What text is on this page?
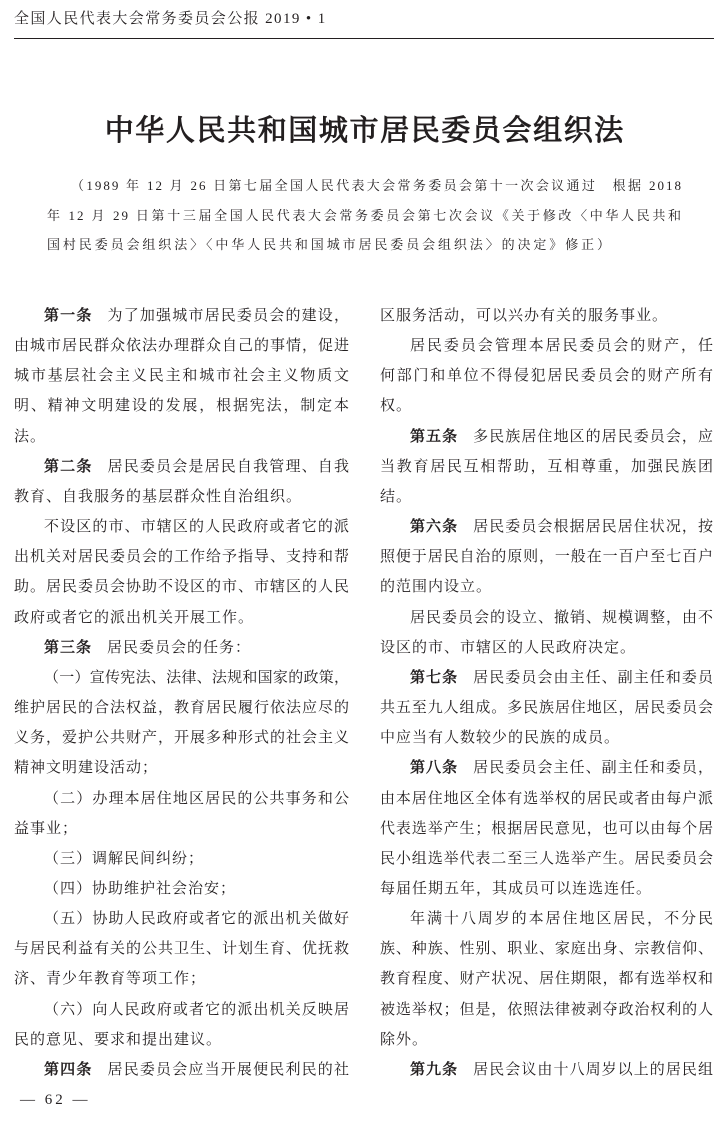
全国人民代表大会常务委员会公报 2019 • 1
中华人民共和国城市居民委员会组织法
（1989 年 12 月 26 日第七届全国人民代表大会常务委员会第十一次会议通过　根据 2018
年 12 月 29 日第十三届全国人民代表大会常务委员会第七次会议《关于修改〈中华人民共和
国村民委员会组织法〉〈中华人民共和国城市居民委员会组织法〉的决定》修正）
第一条 为了加强城市居民委员会的建设，
由城市居民群众依法办理群众自己的事情，促进
城市基层社会主义民主和城市社会主义物质文
明、精神文明建设的发展，根据宪法，制定本
法。
第二条 居民委员会是居民自我管理、自我
教育、自我服务的基层群众性自治组织。
不设区的市、市辖区的人民政府或者它的派
出机关对居民委员会的工作给予指导、支持和帮
助。居民委员会协助不设区的市、市辖区的人民
政府或者它的派出机关开展工作。
第三条 居民委员会的任务：
（一）宣传宪法、法律、法规和国家的政策，
维护居民的合法权益，教育居民履行依法应尽的
义务，爱护公共财产，开展多种形式的社会主义
精神文明建设活动；
（二）办理本居住地区居民的公共事务和公
益事业；
（三）调解民间纠纷；
（四）协助维护社会治安；
（五）协助人民政府或者它的派出机关做好
与居民利益有关的公共卫生、计划生育、优抚救
济、青少年教育等项工作；
（六）向人民政府或者它的派出机关反映居
民的意见、要求和提出建议。
第四条 居民委员会应当开展便民利民的社
区服务活动，可以兴办有关的服务事业。
居民委员会管理本居民委员会的财产，任
何部门和单位不得侵犯居民委员会的财产所有
权。
第五条 多民族居住地区的居民委员会，应
当教育居民互相帮助，互相尊重，加强民族团
结。
第六条 居民委员会根据居民居住状况，按
照便于居民自治的原则，一般在一百户至七百户
的范围内设立。
居民委员会的设立、撤销、规模调整，由不
设区的市、市辖区的人民政府决定。
第七条 居民委员会由主任、副主任和委员
共五至九人组成。多民族居住地区，居民委员会
中应当有人数较少的民族的成员。
第八条 居民委员会主任、副主任和委员，
由本居住地区全体有选举权的居民或者由每户派
代表选举产生；根据居民意见，也可以由每个居
民小组选举代表二至三人选举产生。居民委员会
每届任期五年，其成员可以连选连任。
年满十八周岁的本居住地区居民，不分民
族、种族、性别、职业、家庭出身、宗教信仰、
教育程度、财产状况、居住期限，都有选举权和
被选举权；但是，依照法律被剥夺政治权利的人
除外。
第九条 居民会议由十八周岁以上的居民组
— 62 —
